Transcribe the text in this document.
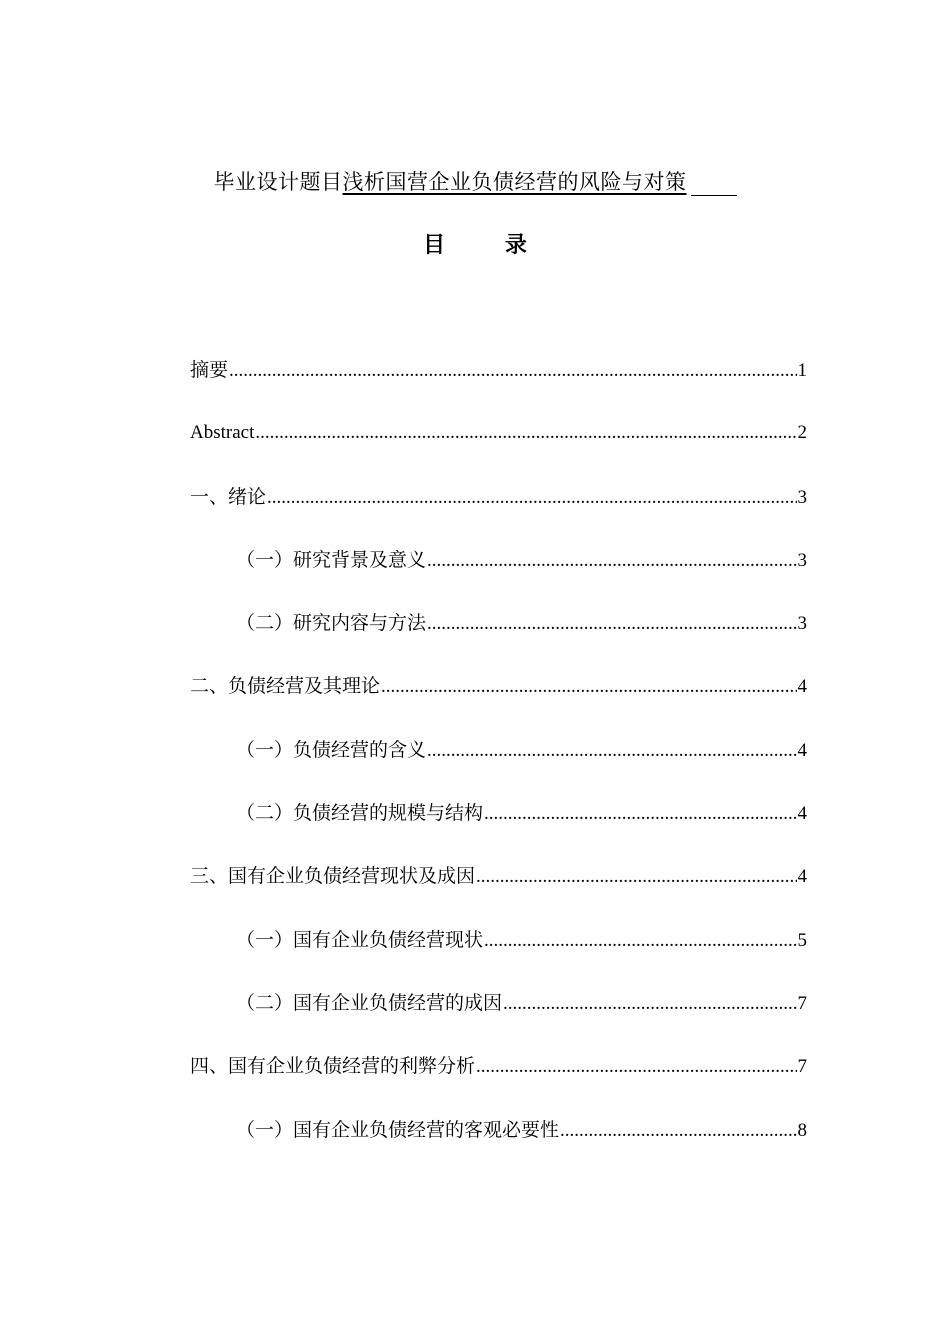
毕业设计题目浅析国营企业负债经营的风险与对策
目 录
摘要 .....	1
Abstract .....	2
一、绪论 .....	3
（一）研究背景及意义 .....	3
（二）研究内容与方法 .....	3
二、负债经营及其理论 .....	4
（一）负债经营的含义 .....	4
（二）负债经营的规模与结构 .....	4
三、国有企业负债经营现状及成因 .....	4
（一）国有企业负债经营现状 .....	5
（二）国有企业负债经营的成因 .....	7
四、国有企业负债经营的利弊分析 .....	7
（一）国有企业负债经营的客观必要性 .....	8
